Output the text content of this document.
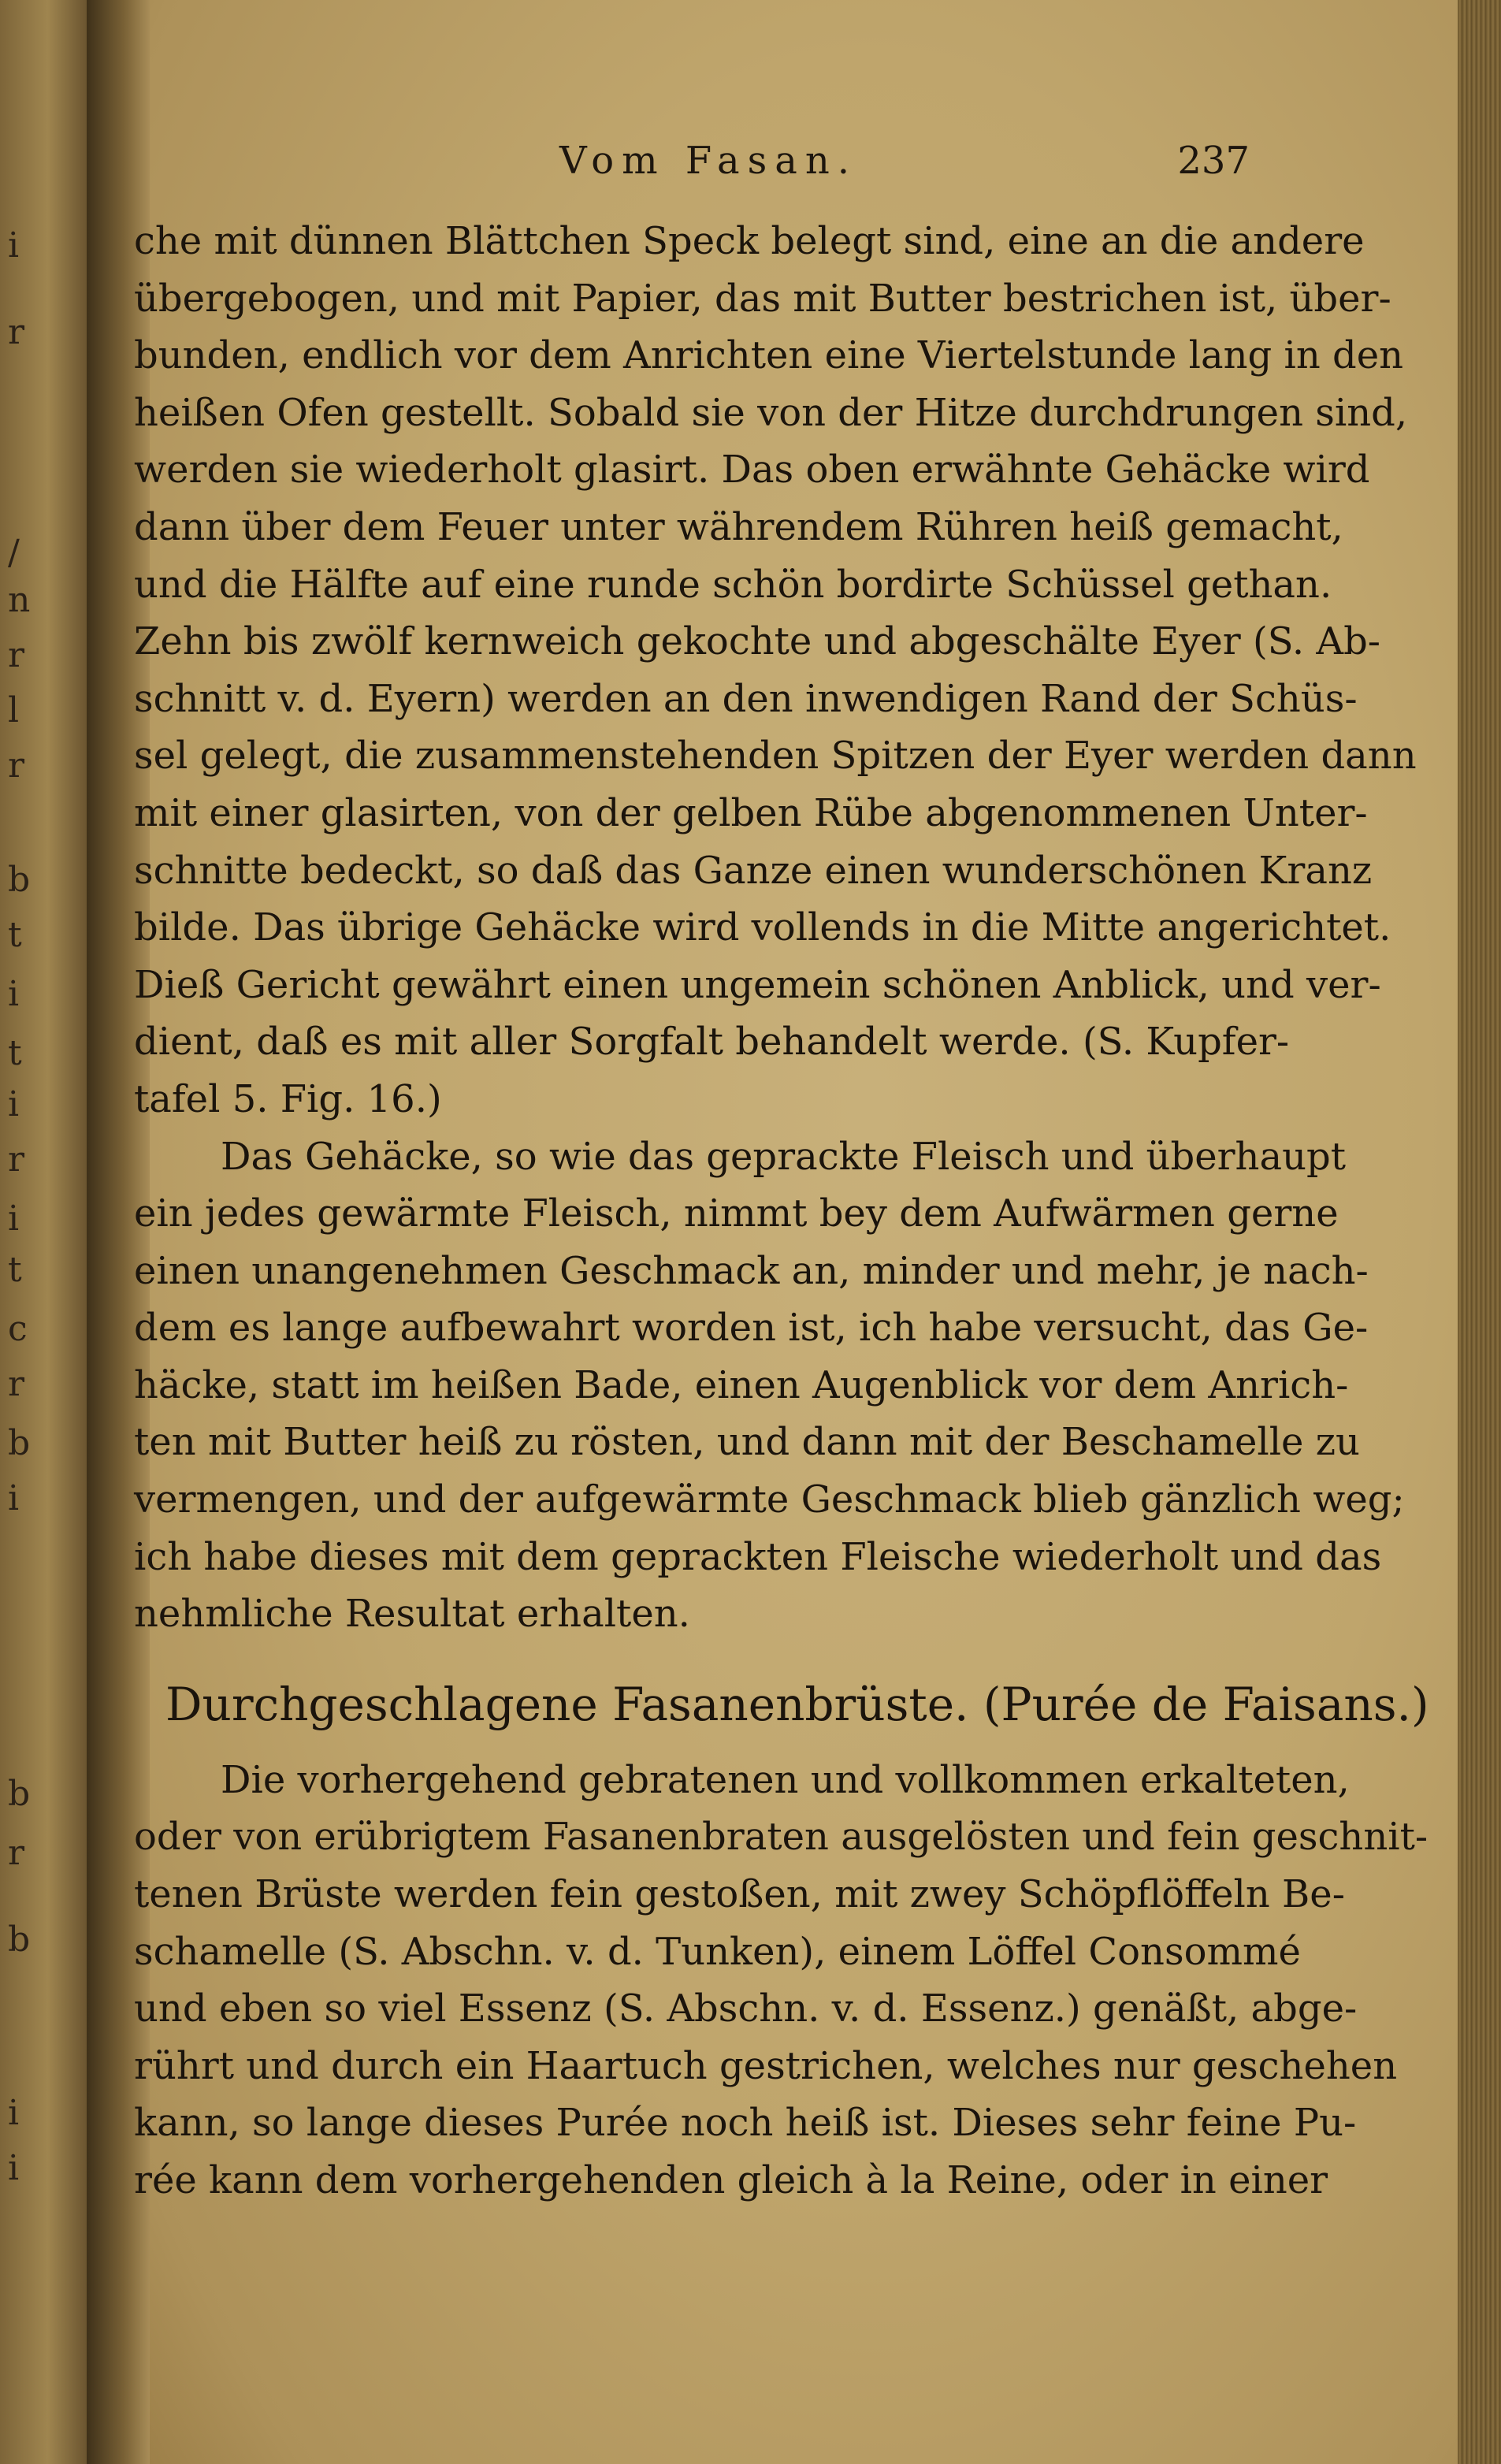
i
r
/
n
r
l
r
b
t
i
t
i
r
i
t
c
r
b
i
b
r
b
i
i
Vom Fasan.	237
che mit dünnen Blättchen Speck belegt sind, eine an die andere
übergebogen, und mit Papier, das mit Butter bestrichen ist, über-
bunden, endlich vor dem Anrichten eine Viertelstunde lang in den
heißen Ofen gestellt. Sobald sie von der Hitze durchdrungen sind,
werden sie wiederholt glasirt. Das oben erwähnte Gehäcke wird
dann über dem Feuer unter währendem Rühren heiß gemacht,
und die Hälfte auf eine runde schön bordirte Schüssel gethan.
Zehn bis zwölf kernweich gekochte und abgeschälte Eyer (S. Ab-
schnitt v. d. Eyern) werden an den inwendigen Rand der Schüs-
sel gelegt, die zusammenstehenden Spitzen der Eyer werden dann
mit einer glasirten, von der gelben Rübe abgenommenen Unter-
schnitte bedeckt, so daß das Ganze einen wunderschönen Kranz
bilde. Das übrige Gehäcke wird vollends in die Mitte angerichtet.
Dieß Gericht gewährt einen ungemein schönen Anblick, und ver-
dient, daß es mit aller Sorgfalt behandelt werde. (S. Kupfer-
tafel 5. Fig. 16.)
Das Gehäcke, so wie das geprackte Fleisch und überhaupt
ein jedes gewärmte Fleisch, nimmt bey dem Aufwärmen gerne
einen unangenehmen Geschmack an, minder und mehr, je nach-
dem es lange aufbewahrt worden ist, ich habe versucht, das Ge-
häcke, statt im heißen Bade, einen Augenblick vor dem Anrich-
ten mit Butter heiß zu rösten, und dann mit der Beschamelle zu
vermengen, und der aufgewärmte Geschmack blieb gänzlich weg;
ich habe dieses mit dem geprackten Fleische wiederholt und das
nehmliche Resultat erhalten.
Durchgeschlagene Fasanenbrüste. (Purée de Faisans.)
Die vorhergehend gebratenen und vollkommen erkalteten,
oder von erübrigtem Fasanenbraten ausgelösten und fein geschnit-
tenen Brüste werden fein gestoßen, mit zwey Schöpflöffeln Be-
schamelle (S. Abschn. v. d. Tunken), einem Löffel Consommé
und eben so viel Essenz (S. Abschn. v. d. Essenz.) genäßt, abge-
rührt und durch ein Haartuch gestrichen, welches nur geschehen
kann, so lange dieses Purée noch heiß ist. Dieses sehr feine Pu-
rée kann dem vorhergehenden gleich à la Reine, oder in einer
